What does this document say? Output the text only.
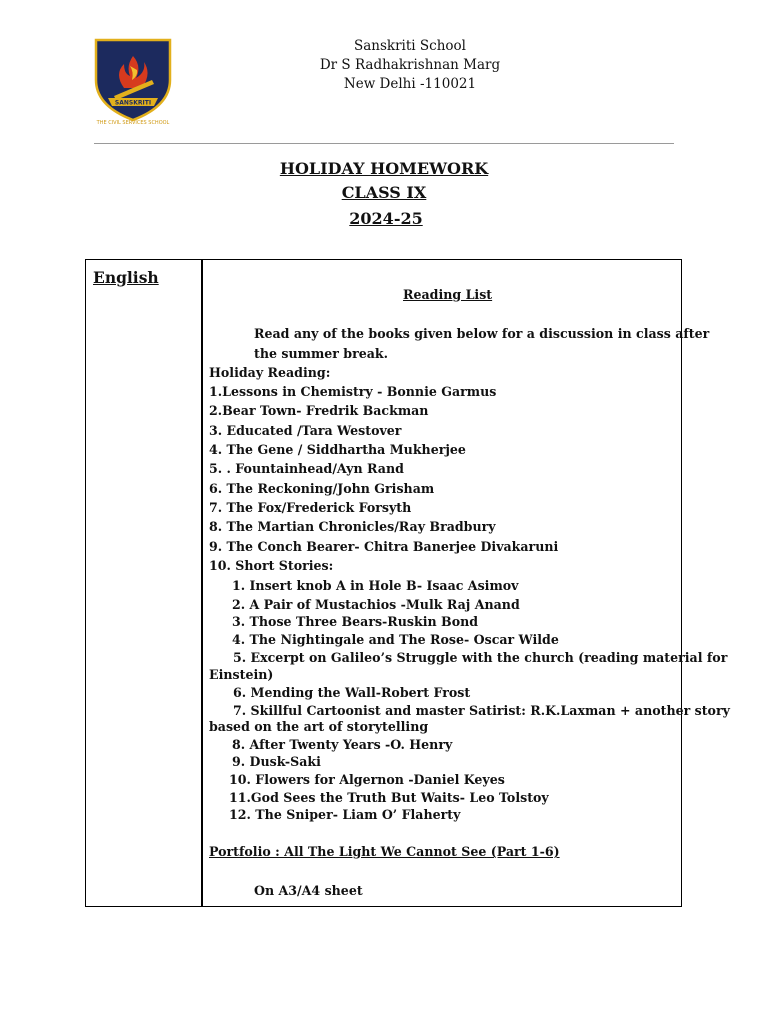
SANSKRITI
THE CIVIL SERVICES SCHOOL
Sanskriti School
Dr S Radhakrishnan Marg
New Delhi -110021
HOLIDAY HOMEWORK
CLASS IX
2024-25
English
Reading List
Read any of the books given below for a discussion in class after
the summer break.
Holiday Reading:
1.Lessons in Chemistry - Bonnie Garmus
2.Bear Town- Fredrik Backman
3. Educated /Tara Westover
4. The Gene / Siddhartha Mukherjee
5. . Fountainhead/Ayn Rand
6. The Reckoning/John Grisham
7. The Fox/Frederick Forsyth
8. The Martian Chronicles/Ray Bradbury
9. The Conch Bearer- Chitra Banerjee Divakaruni
10. Short Stories:
1. Insert knob A in Hole B- Isaac Asimov
2. A Pair of Mustachios -Mulk Raj Anand
3. Those Three Bears-Ruskin Bond
4. The Nightingale and The Rose- Oscar Wilde
5. Excerpt on Galileo’s Struggle with the church (reading material for
Einstein)
6. Mending the Wall-Robert Frost
7. Skillful Cartoonist and master Satirist: R.K.Laxman + another story
based on the art of storytelling
8. After Twenty Years -O. Henry
9. Dusk-Saki
10. Flowers for Algernon -Daniel Keyes
11.God Sees the Truth But Waits- Leo Tolstoy
12. The Sniper- Liam O’ Flaherty
Portfolio : All The Light We Cannot See (Part 1-6)
On A3/A4 sheet
